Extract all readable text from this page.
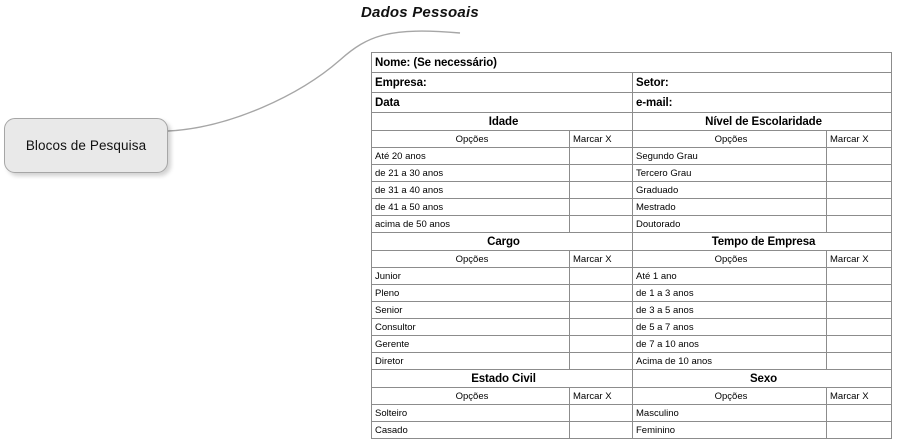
Blocos de Pesquisa
Dados Pessoais
Nome: (Se necessário)			
Empresa:		Setor:	
Data		e-mail:	
Idade		Nível de Escolaridade	
Opções	Marcar X	Opções	Marcar X
Até 20 anos		Segundo Grau	
de 21 a 30 anos		Tercero Grau	
de 31 a 40 anos		Graduado	
de 41 a 50 anos		Mestrado	
acima de 50 anos		Doutorado	
Cargo		Tempo de Empresa	
Opções	Marcar X	Opções	Marcar X
Junior		Até 1 ano	
Pleno		de 1 a 3 anos	
Senior		de 3 a 5 anos	
Consultor		de 5 a 7 anos	
Gerente		de 7 a 10 anos	
Diretor		Acima de 10 anos	
Estado Civil		Sexo	
Opções	Marcar X	Opções	Marcar X
Solteiro		Masculino	
Casado		Feminino	
